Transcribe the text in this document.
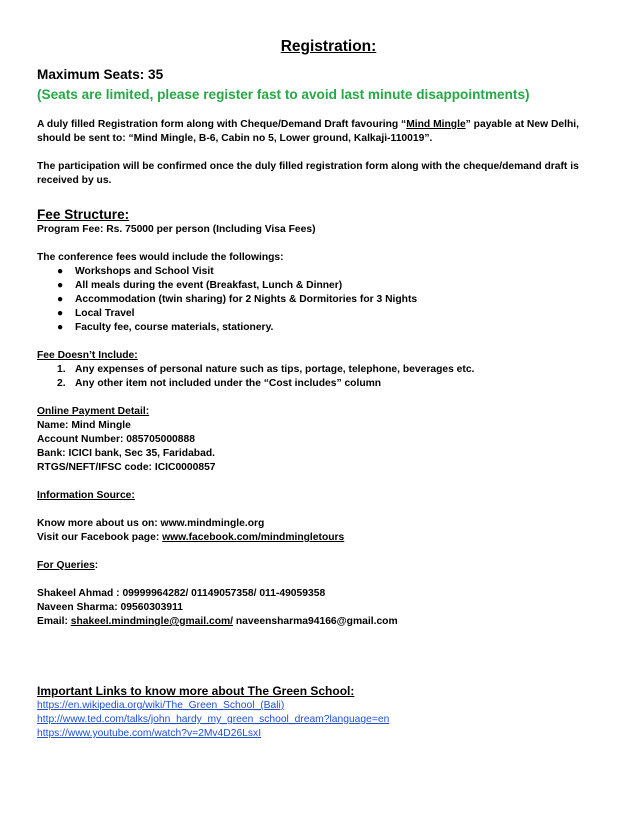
Registration:

Maximum Seats: 35

(Seats are limited, please register fast to avoid last minute disappointments)

A duly filled Registration form along with Cheque/Demand Draft favouring “Mind Mingle” payable at New Delhi, should be sent to: “Mind Mingle, B-6, Cabin no 5, Lower ground, Kalkaji-110019”.

The participation will be confirmed once the duly filled registration form along with the cheque/demand draft is received by us.

Fee Structure:

Program Fee: Rs. 75000 per person (Including Visa Fees)

The conference fees would include the followings:

● Workshops and School Visit
● All meals during the event (Breakfast, Lunch & Dinner)
● Accommodation (twin sharing) for 2 Nights & Dormitories for 3 Nights
● Local Travel
● Faculty fee, course materials, stationery.

Fee Doesn’t Include:

1. Any expenses of personal nature such as tips, portage, telephone, beverages etc.
2. Any other item not included under the “Cost includes” column

Online Payment Detail:

Name: Mind Mingle

Account Number: 085705000888

Bank: ICICI bank, Sec 35, Faridabad.

RTGS/NEFT/IFSC code: ICIC0000857

Information Source:

Know more about us on: www.mindmingle.org

Visit our Facebook page: www.facebook.com/mindmingletours

For Queries:

Shakeel Ahmad : 09999964282/ 01149057358/ 011-49059358

Naveen Sharma: 09560303911

Email: shakeel.mindmingle@gmail.com/ naveensharma94166@gmail.com

Important Links to know more about The Green School:
https://en.wikipedia.org/wiki/The_Green_School_(Bali)
http://www.ted.com/talks/john_hardy_my_green_school_dream?language=en
https://www.youtube.com/watch?v=2Mv4D26LsxI
